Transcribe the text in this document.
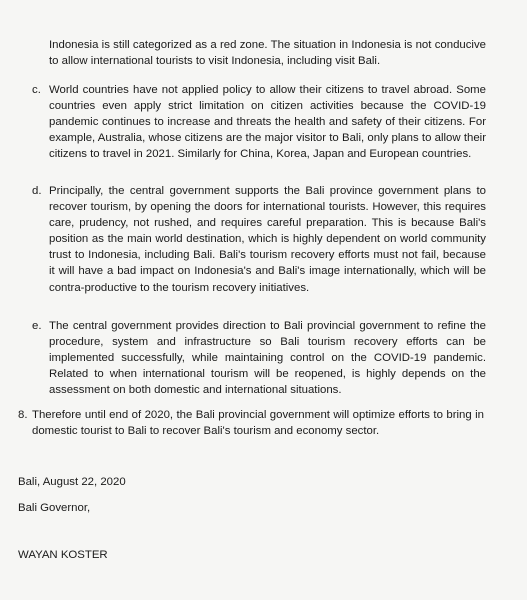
Indonesia is still categorized as a red zone. The situation in Indonesia is not conducive to allow international tourists to visit Indonesia, including visit Bali.
c. World countries have not applied policy to allow their citizens to travel abroad. Some countries even apply strict limitation on citizen activities because the COVID-19 pandemic continues to increase and threats the health and safety of their citizens. For example, Australia, whose citizens are the major visitor to Bali, only plans to allow their citizens to travel in 2021. Similarly for China, Korea, Japan and European countries.
d. Principally, the central government supports the Bali province government plans to recover tourism, by opening the doors for international tourists. However, this requires care, prudency, not rushed, and requires careful preparation. This is because Bali's position as the main world destination, which is highly dependent on world community trust to Indonesia, including Bali. Bali's tourism recovery efforts must not fail, because it will have a bad impact on Indonesia's and Bali's image internationally, which will be contra-productive to the tourism recovery initiatives.
e. The central government provides direction to Bali provincial government to refine the procedure, system and infrastructure so Bali tourism recovery efforts can be implemented successfully, while maintaining control on the COVID-19 pandemic. Related to when international tourism will be reopened, is highly depends on the assessment on both domestic and international situations.
8. Therefore until end of 2020, the Bali provincial government will optimize efforts to bring in domestic tourist to Bali to recover Bali's tourism and economy sector.
Bali, August 22, 2020
Bali Governor,
WAYAN KOSTER
